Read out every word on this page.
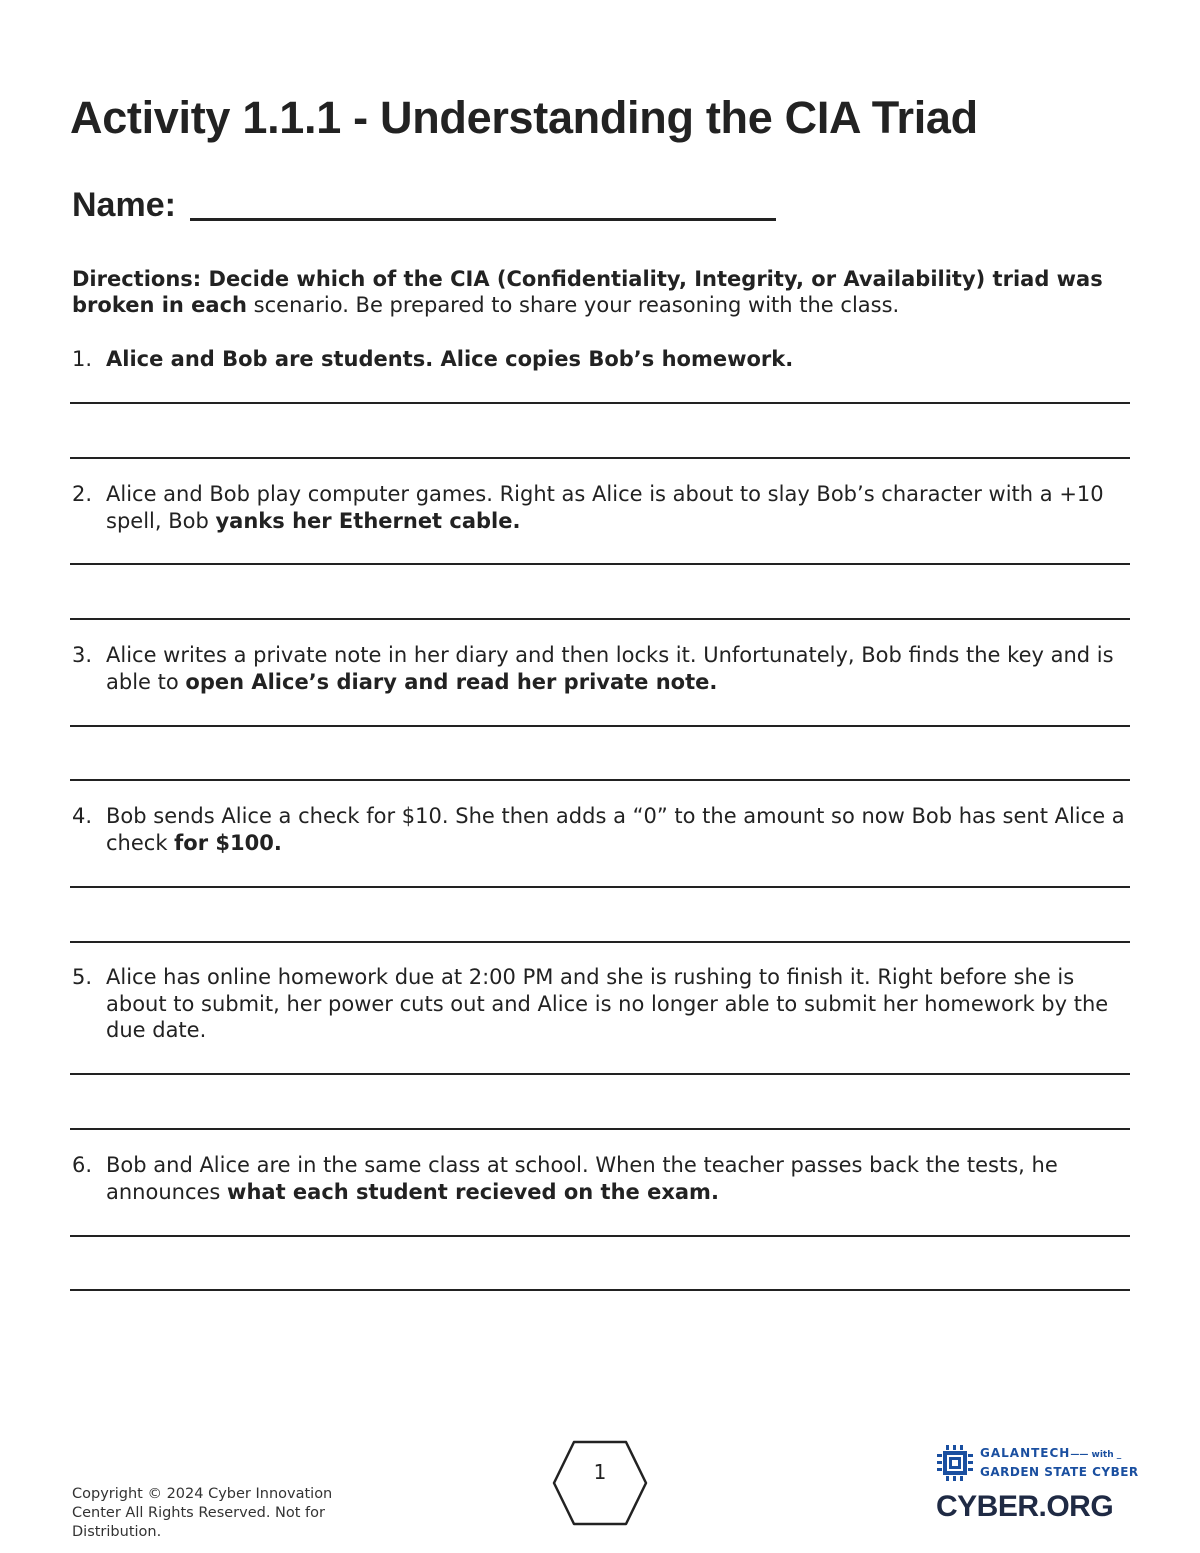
Activity 1.1.1 - Understanding the CIA Triad
Name:
Directions: Decide which of the CIA (Confidentiality, Integrity, or Availability) triad was broken in each scenario. Be prepared to share your reasoning with the class.
1. Alice and Bob are students. Alice copies Bob’s homework.
2. Alice and Bob play computer games. Right as Alice is about to slay Bob’s character with a +10 spell, Bob yanks her Ethernet cable.
3. Alice writes a private note in her diary and then locks it. Unfortunately, Bob finds the key and is able to open Alice’s diary and read her private note.
4. Bob sends Alice a check for $10. She then adds a “0” to the amount so now Bob has sent Alice a check for $100.
5. Alice has online homework due at 2:00 PM and she is rushing to finish it. Right before she is about to submit, her power cuts out and Alice is no longer able to submit her homework by the due date.
6. Bob and Alice are in the same class at school. When the teacher passes back the tests, he announces what each student recieved on the exam.
Copyright © 2024 Cyber Innovation Center All Rights Reserved. Not for Distribution.
1
GALANTECH—— with _
GARDEN STATE CYBER
CYBER.ORG
